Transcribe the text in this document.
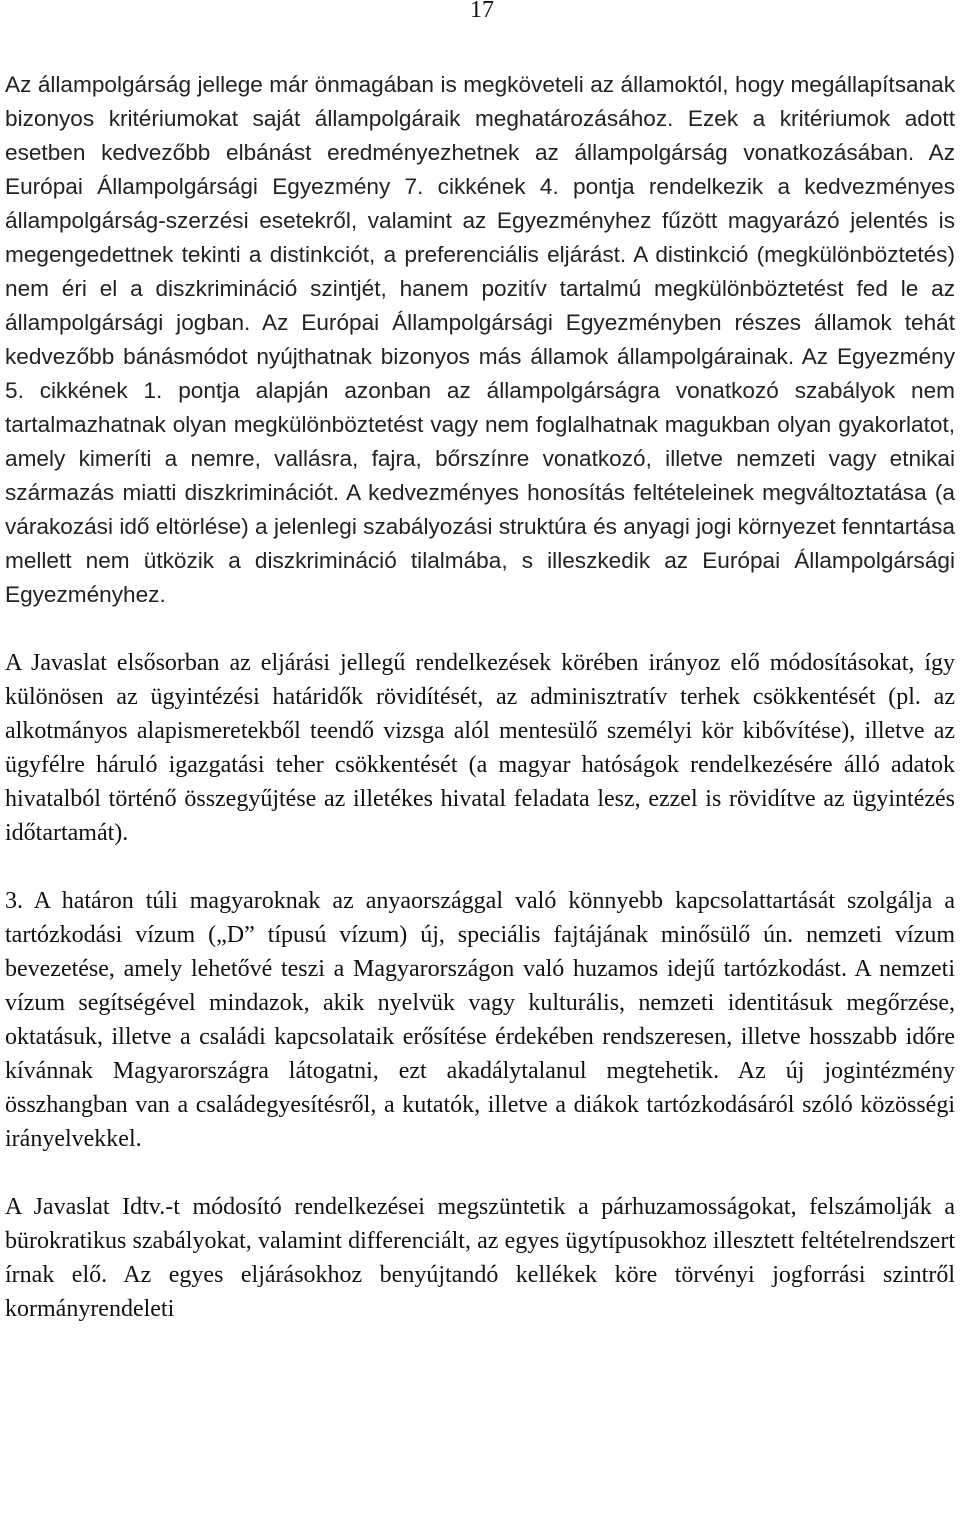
17

Az állampolgárság jellege már önmagában is megköveteli az államoktól, hogy megállapítsanak bizonyos kritériumokat saját állampolgáraik meghatározásához. Ezek a kritériumok adott esetben kedvezőbb elbánást eredményezhetnek az állampolgárság vonatkozásában. Az Európai Állampolgársági Egyezmény 7. cikkének 4. pontja rendelkezik a kedvezményes állampolgárság-szerzési esetekről, valamint az Egyezményhez fűzött magyarázó jelentés is megengedettnek tekinti a distinkciót, a preferenciális eljárást. A distinkció (megkülönböztetés) nem éri el a diszkrimináció szintjét, hanem pozitív tartalmú megkülönböztetést fed le az állampolgársági jogban. Az Európai Állampolgársági Egyezményben részes államok tehát kedvezőbb bánásmódot nyújthatnak bizonyos más államok állampolgárainak. Az Egyezmény 5. cikkének 1. pontja alapján azonban az állampolgárságra vonatkozó szabályok nem tartalmazhatnak olyan megkülönböztetést vagy nem foglalhatnak magukban olyan gyakorlatot, amely kimeríti a nemre, vallásra, fajra, bőrszínre vonatkozó, illetve nemzeti vagy etnikai származás miatti diszkriminációt. A kedvezményes honosítás feltételeinek megváltoztatása (a várakozási idő eltörlése) a jelenlegi szabályozási struktúra és anyagi jogi környezet fenntartása mellett nem ütközik a diszkrimináció tilalmába, s illeszkedik az Európai Állampolgársági Egyezményhez.

A Javaslat elsősorban az eljárási jellegű rendelkezések körében irányoz elő módosításokat, így különösen az ügyintézési határidők rövidítését, az adminisztratív terhek csökkentését (pl. az alkotmányos alapismeretekből teendő vizsga alól mentesülő személyi kör kibővítése), illetve az ügyfélre háruló igazgatási teher csökkentését (a magyar hatóságok rendelkezésére álló adatok hivatalból történő összegyűjtése az illetékes hivatal feladata lesz, ezzel is rövidítve az ügyintézés időtartamát).

3. A határon túli magyaroknak az anyaországgal való könnyebb kapcsolattartását szolgálja a tartózkodási vízum („D” típusú vízum) új, speciális fajtájának minősülő ún. nemzeti vízum bevezetése, amely lehetővé teszi a Magyarországon való huzamos idejű tartózkodást. A nemzeti vízum segítségével mindazok, akik nyelvük vagy kulturális, nemzeti identitásuk megőrzése, oktatásuk, illetve a családi kapcsolataik erősítése érdekében rendszeresen, illetve hosszabb időre kívánnak Magyarországra látogatni, ezt akadálytalanul megtehetik. Az új jogintézmény összhangban van a családegyesítésről, a kutatók, illetve a diákok tartózkodásáról szóló közösségi irányelvekkel.

A Javaslat Idtv.-t módosító rendelkezései megszüntetik a párhuzamosságokat, felszámolják a bürokratikus szabályokat, valamint differenciált, az egyes ügytípusokhoz illesztett feltételrendszert írnak elő. Az egyes eljárásokhoz benyújtandó kellékek köre törvényi jogforrási szintről kormányrendeleti
